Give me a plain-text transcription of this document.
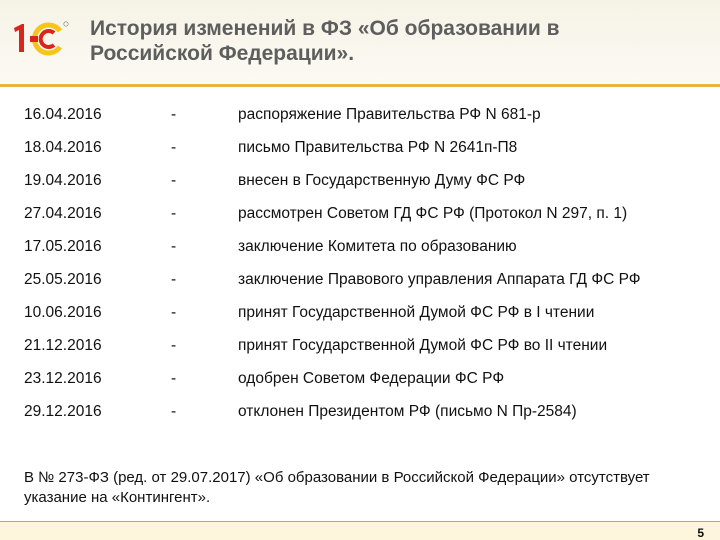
История изменений в ФЗ «Об образовании в
Российской Федерации».
16.04.2016	-	распоряжение Правительства РФ N 681-р
18.04.2016	-	письмо Правительства РФ N 2641п-П8
19.04.2016	-	внесен в Государственную Думу ФС РФ
27.04.2016	-	рассмотрен Советом ГД ФС РФ (Протокол N 297, п. 1)
17.05.2016	-	заключение Комитета по образованию
25.05.2016	-	заключение Правового управления Аппарата ГД ФС РФ
10.06.2016	-	принят Государственной Думой ФС РФ в I чтении
21.12.2016	-	принят Государственной Думой ФС РФ во II чтении
23.12.2016	-	одобрен Советом Федерации ФС РФ
29.12.2016	-	отклонен Президентом РФ (письмо N Пр-2584)
В № 273-ФЗ (ред. от 29.07.2017) «Об образовании в Российской Федерации» отсутствует указание на «Контингент».
5
